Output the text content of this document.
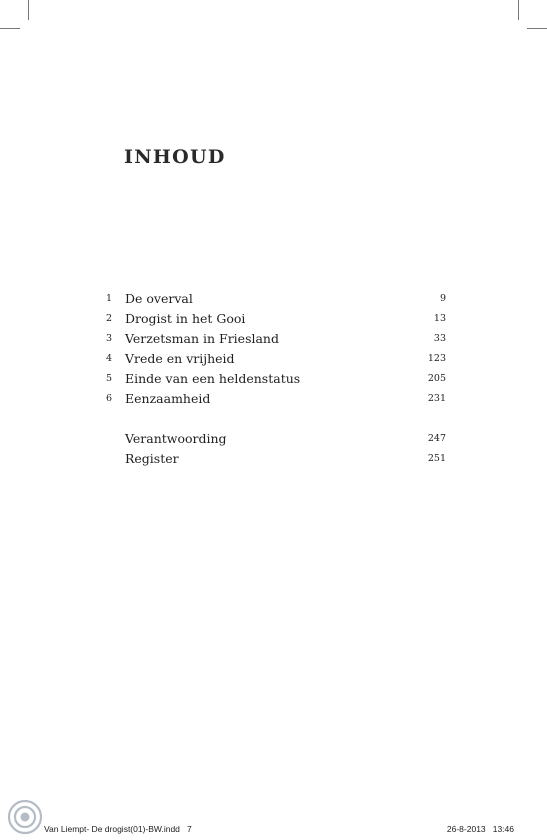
INHOUD
1 De overval	9
2 Drogist in het Gooi	13
3 Verzetsman in Friesland	33
4 Vrede en vrijheid	123
5 Einde van een heldenstatus	205
6 Eenzaamheid	231
Verantwoording	247
Register	251
Van Liempt- De drogist(01)-BW.indd   7	26-8-2013   13:46
